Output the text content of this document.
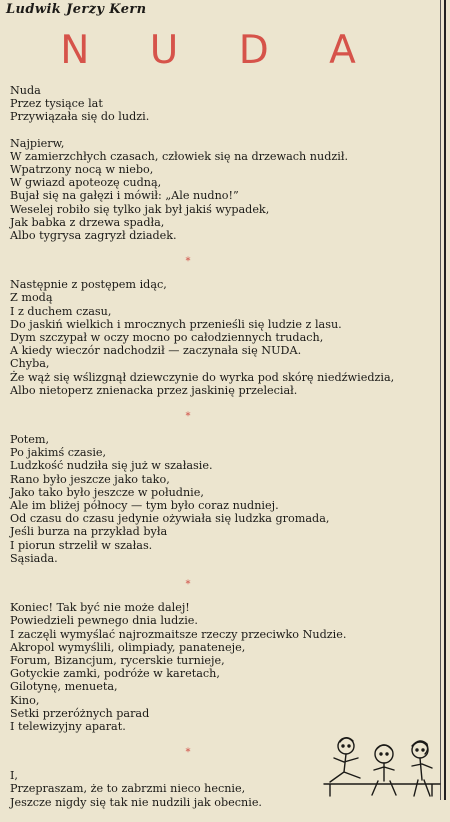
Ludwik Jerzy Kern
N U D A
Nuda
Przez tysiące lat
Przywiązała się do ludzi.
Najpierw,
W zamierzchłych czasach, człowiek się na drzewach nudził.
Wpatrzony nocą w niebo,
W gwiazd apoteozę cudną,
Bujał się na gałęzi i mówił: „Ale nudno!”
Weselej robiło się tylko jak był jakiś wypadek,
Jak babka z drzewa spadła,
Albo tygrysa zagryzł dziadek.
*
Następnie z postępem idąc,
Z modą
I z duchem czasu,
Do jaskiń wielkich i mrocznych przenieśli się ludzie z lasu.
Dym szczypał w oczy mocno po całodziennych trudach,
A kiedy wieczór nadchodził — zaczynała się NUDA.
Chyba,
Że wąż się wślizgnął dziewczynie do wyrka pod skórę niedźwiedzia,
Albo nietoperz znienacka przez jaskinię przeleciał.
*
Potem,
Po jakimś czasie,
Ludzkość nudziła się już w szałasie.
Rano było jeszcze jako tako,
Jako tako było jeszcze w południe,
Ale im bliżej północy — tym było coraz nudniej.
Od czasu do czasu jedynie ożywiała się ludzka gromada,
Jeśli burza na przykład była
I piorun strzelił w szałas.
Sąsiada.
*
Koniec! Tak być nie może dalej!
Powiedzieli pewnego dnia ludzie.
I zaczęli wymyślać najrozmaitsze rzeczy przeciwko Nudzie.
Akropol wymyślili, olimpiady, panateneje,
Forum, Bizancjum, rycerskie turnieje,
Gotyckie zamki, podróże w karetach,
Gilotynę, menueta,
Kino,
Setki przeróżnych parad
I telewizyjny aparat.
*
I,
Przepraszam, że to zabrzmi nieco hecnie,
Jeszcze nigdy się tak nie nudzili jak obecnie.
